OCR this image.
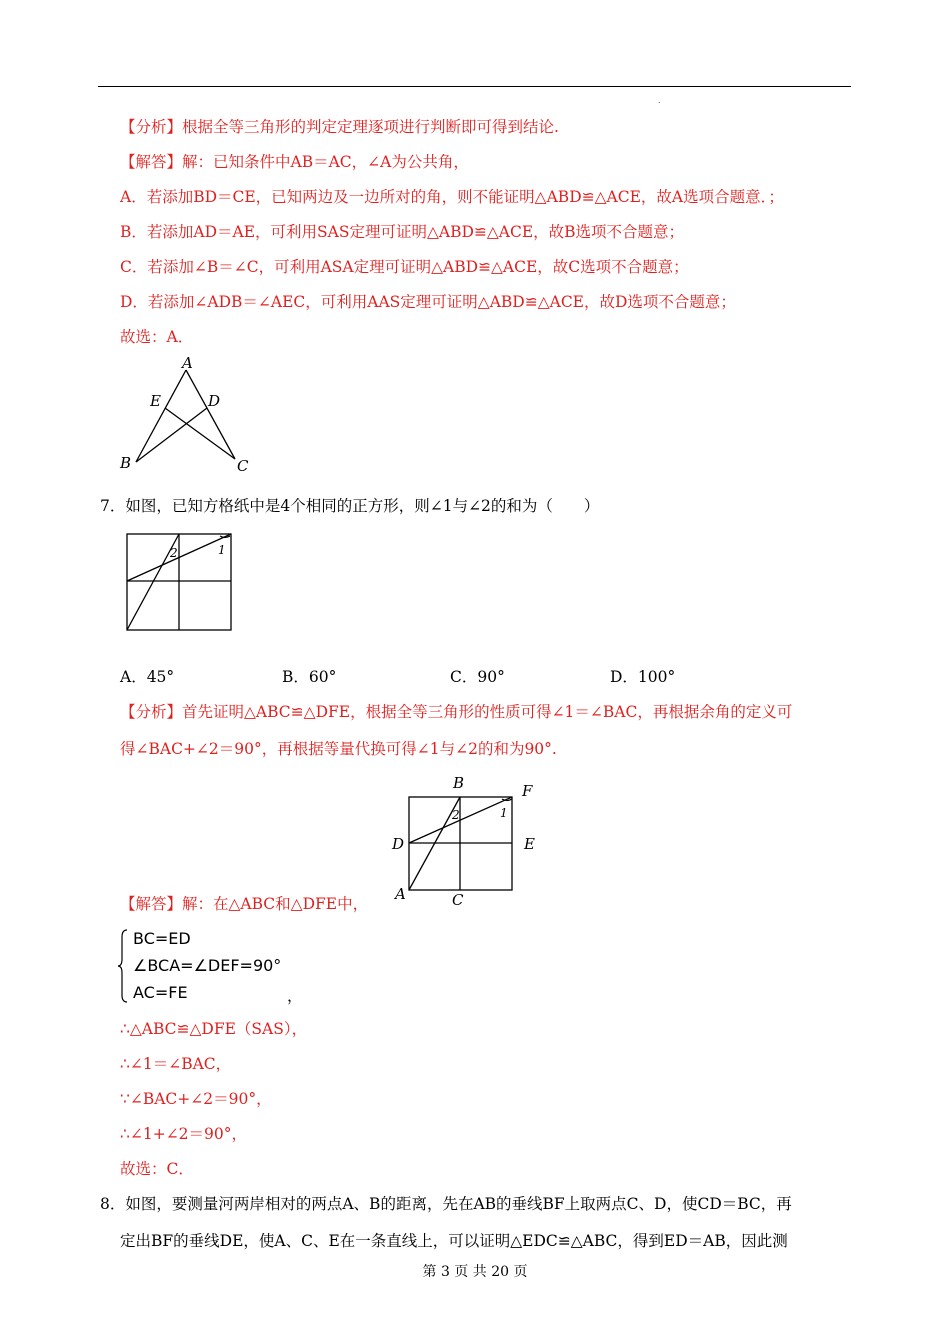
.
【分析】根据全等三角形的判定定理逐项进行判断即可得到结论.
【解答】解：已知条件中AB＝AC，∠A为公共角，
A．若添加BD＝CE，已知两边及一边所对的角，则不能证明△ABD≌△ACE，故A选项合题意．；
B．若添加AD＝AE，可利用SAS定理可证明△ABD≌△ACE，故B选项不合题意；
C．若添加∠B＝∠C，可利用ASA定理可证明△ABD≌△ACE，故C选项不合题意；
D．若添加∠ADB＝∠AEC，可利用AAS定理可证明△ABD≌△ACE，故D选项不合题意；
故选：A．
A
E	D
B	C
7．如图，已知方格纸中是4个相同的正方形，则∠1与∠2的和为（　　）
2	1
A．45°	B．60°	C．90°	D．100°
【分析】首先证明△ABC≌△DFE，根据全等三角形的性质可得∠1＝∠BAC，再根据余角的定义可
得∠BAC+∠2＝90°，再根据等量代换可得∠1与∠2的和为90°.
B	F
D	E
A	C
2	1
【解答】解：在△ABC和△DFE中，
BC=ED
∠BCA=∠DEF=90°
AC=FE	，
∴△ABC≌△DFE（SAS），
∴∠1＝∠BAC，
∵∠BAC+∠2＝90°，
∴∠1+∠2＝90°，
故选：C．
8．如图，要测量河两岸相对的两点A、B的距离，先在AB的垂线BF上取两点C、D，使CD＝BC，再
定出BF的垂线DE，使A、C、E在一条直线上，可以证明△EDC≌△ABC，得到ED＝AB，因此测
第 3 页 共 20 页
